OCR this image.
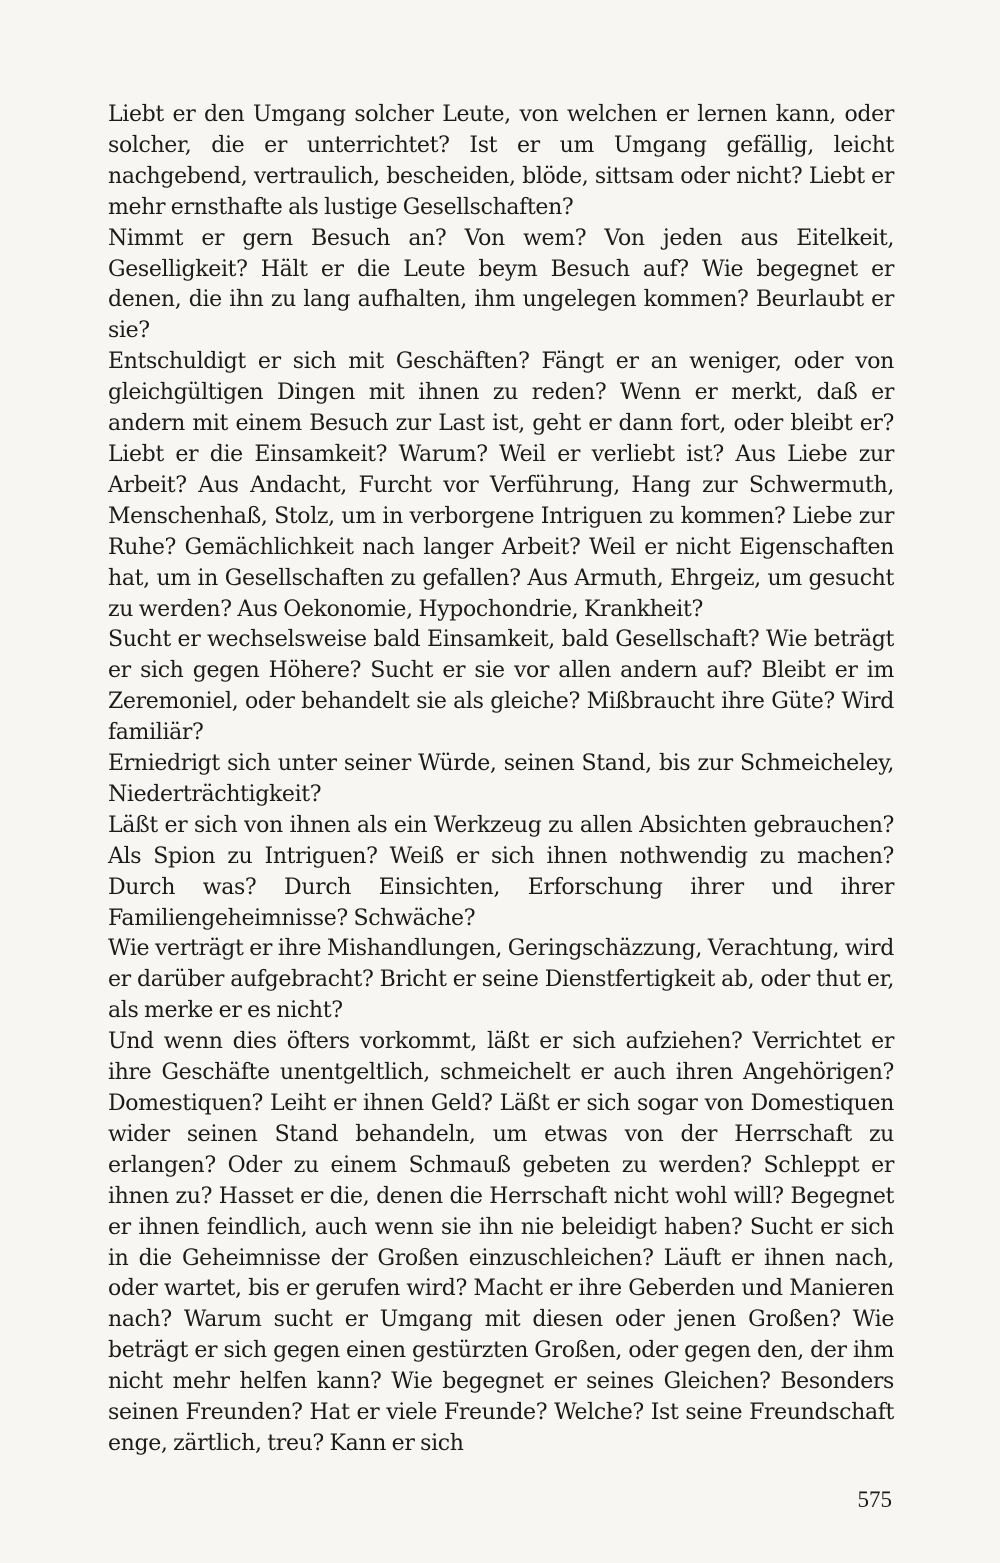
Liebt er den Umgang solcher Leute, von welchen er lernen kann, oder solcher, die er unterrichtet? Ist er um Umgang gefällig, leicht nachgebend, vertraulich, bescheiden, blöde, sittsam oder nicht? Liebt er mehr ernsthafte als lustige Gesellschaften?

Nimmt er gern Besuch an? Von wem? Von jeden aus Eitelkeit, Geselligkeit? Hält er die Leute beym Besuch auf? Wie begegnet er denen, die ihn zu lang aufhalten, ihm ungelegen kommen? Beurlaubt er sie?

Entschuldigt er sich mit Geschäften? Fängt er an weniger, oder von gleichgültigen Dingen mit ihnen zu reden? Wenn er merkt, daß er andern mit einem Besuch zur Last ist, geht er dann fort, oder bleibt er? Liebt er die Einsamkeit? Warum? Weil er verliebt ist? Aus Liebe zur Arbeit? Aus Andacht, Furcht vor Verführung, Hang zur Schwermuth, Menschenhaß, Stolz, um in verborgene Intriguen zu kommen? Liebe zur Ruhe? Gemächlichkeit nach langer Arbeit? Weil er nicht Eigenschaften hat, um in Gesellschaften zu gefallen? Aus Armuth, Ehrgeiz, um gesucht zu werden? Aus Oekonomie, Hypochondrie, Krankheit?

Sucht er wechselsweise bald Einsamkeit, bald Gesellschaft? Wie beträgt er sich gegen Höhere? Sucht er sie vor allen andern auf? Bleibt er im Zeremoniel, oder behandelt sie als gleiche? Mißbraucht ihre Güte? Wird familiär?

Erniedrigt sich unter seiner Würde, seinen Stand, bis zur Schmeicheley, Niederträchtigkeit?

Läßt er sich von ihnen als ein Werkzeug zu allen Absichten gebrauchen? Als Spion zu Intriguen? Weiß er sich ihnen nothwendig zu machen? Durch was? Durch Einsichten, Erforschung ihrer und ihrer Familiengeheimnisse? Schwäche?

Wie verträgt er ihre Mishandlungen, Geringschäzzung, Verachtung, wird er darüber aufgebracht? Bricht er seine Dienstfertigkeit ab, oder thut er, als merke er es nicht?

Und wenn dies öfters vorkommt, läßt er sich aufziehen? Verrichtet er ihre Geschäfte unentgeltlich, schmeichelt er auch ihren Angehörigen? Domestiquen? Leiht er ihnen Geld? Läßt er sich sogar von Domestiquen wider seinen Stand behandeln, um etwas von der Herrschaft zu erlangen? Oder zu einem Schmauß gebeten zu werden? Schleppt er ihnen zu? Hasset er die, denen die Herrschaft nicht wohl will? Begegnet er ihnen feindlich, auch wenn sie ihn nie beleidigt haben? Sucht er sich in die Geheimnisse der Großen einzuschleichen? Läuft er ihnen nach, oder wartet, bis er gerufen wird? Macht er ihre Geberden und Manieren nach? Warum sucht er Umgang mit diesen oder jenen Großen? Wie beträgt er sich gegen einen gestürzten Großen, oder gegen den, der ihm nicht mehr helfen kann? Wie begegnet er seines Gleichen? Besonders seinen Freunden? Hat er viele Freunde? Welche? Ist seine Freundschaft enge, zärtlich, treu? Kann er sich

575
